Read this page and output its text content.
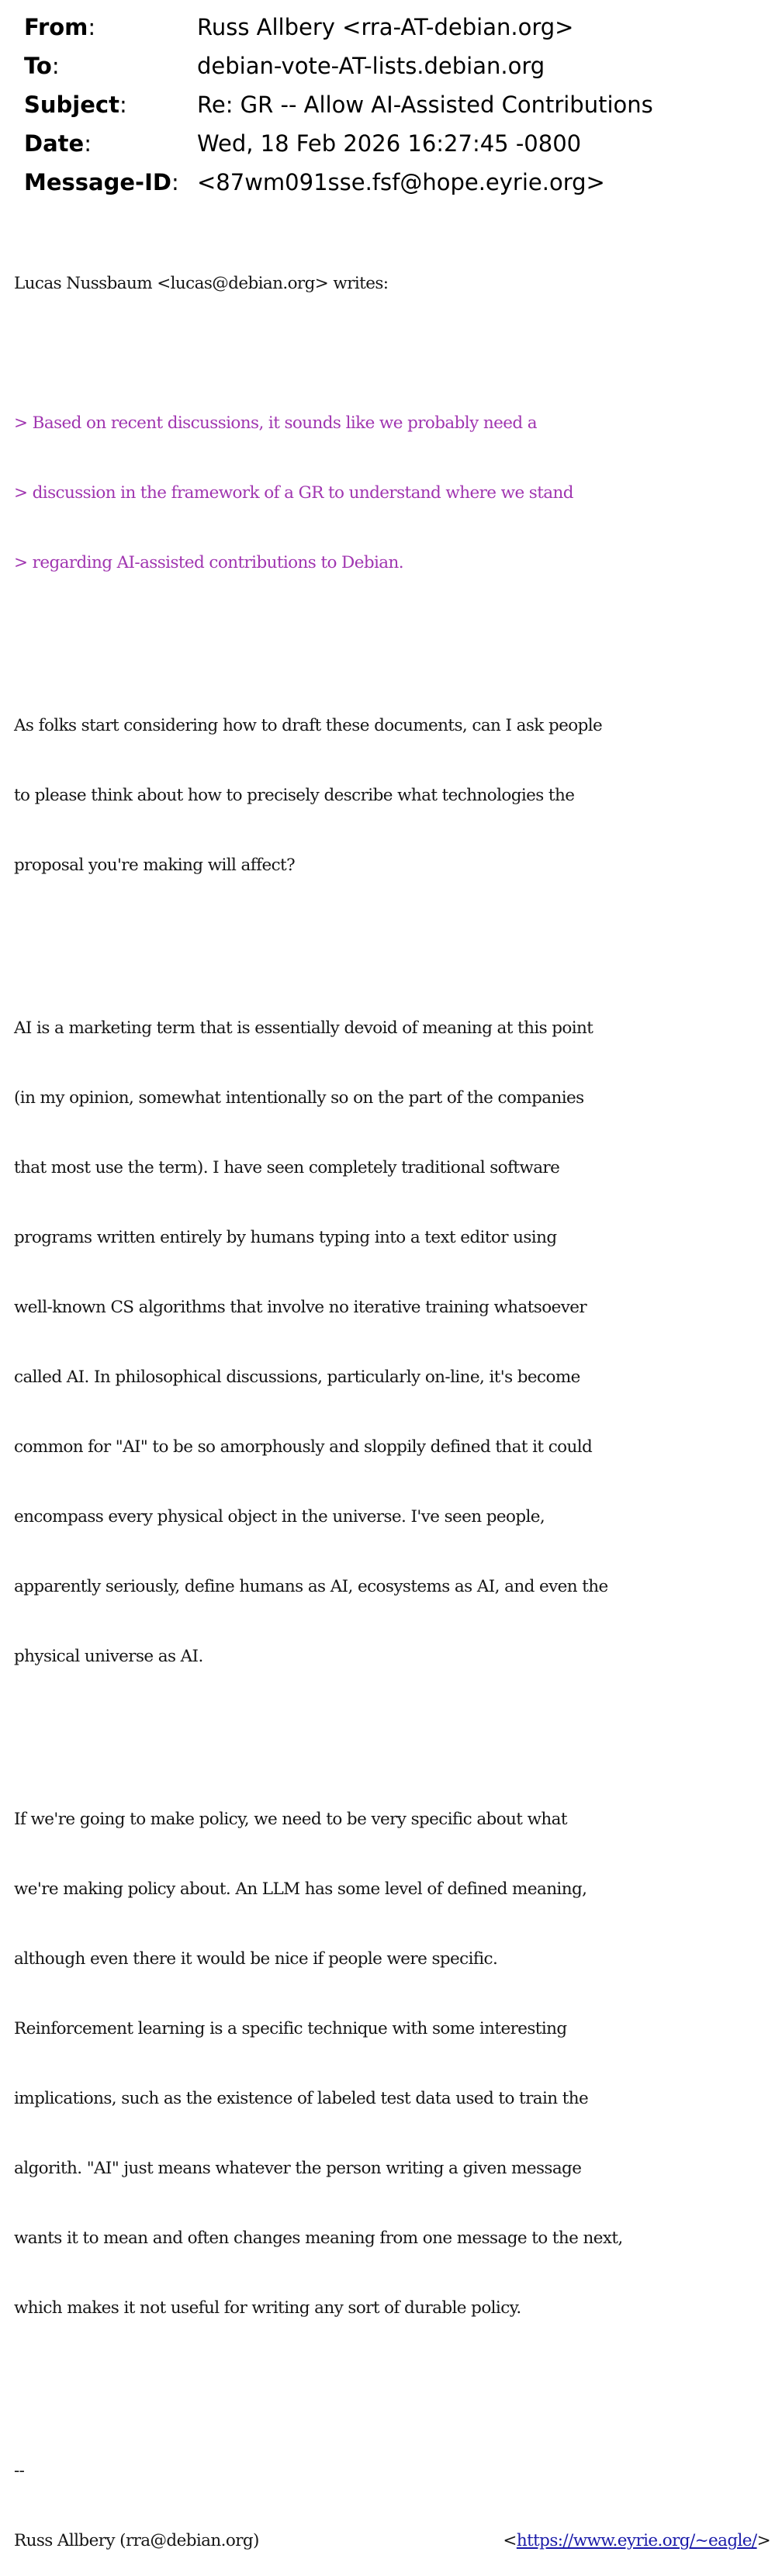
From:	Russ Allbery <rra-AT-debian.org>
To:	debian-vote-AT-lists.debian.org
Subject:	Re: GR -- Allow AI-Assisted Contributions
Date:	Wed, 18 Feb 2026 16:27:45 -0800
Message-ID: <87wm091sse.fsf@hope.eyrie.org>

Lucas Nussbaum <lucas@debian.org> writes:

> Based on recent discussions, it sounds like we probably need a

> discussion in the framework of a GR to understand where we stand

> regarding AI-assisted contributions to Debian.

As folks start considering how to draft these documents, can I ask people

to please think about how to precisely describe what technologies the

proposal you're making will affect?

AI is a marketing term that is essentially devoid of meaning at this point

(in my opinion, somewhat intentionally so on the part of the companies

that most use the term). I have seen completely traditional software

programs written entirely by humans typing into a text editor using

well-known CS algorithms that involve no iterative training whatsoever

called AI. In philosophical discussions, particularly on-line, it's become

common for "AI" to be so amorphously and sloppily defined that it could

encompass every physical object in the universe. I've seen people,

apparently seriously, define humans as AI, ecosystems as AI, and even the

physical universe as AI.

If we're going to make policy, we need to be very specific about what

we're making policy about. An LLM has some level of defined meaning,

although even there it would be nice if people were specific.

Reinforcement learning is a specific technique with some interesting

implications, such as the existence of labeled test data used to train the

algorith. "AI" just means whatever the person writing a given message

wants it to mean and often changes meaning from one message to the next,

which makes it not useful for writing any sort of durable policy.

--

Russ Allbery (rra@debian.org)	<https://www.eyrie.org/~eagle/>
